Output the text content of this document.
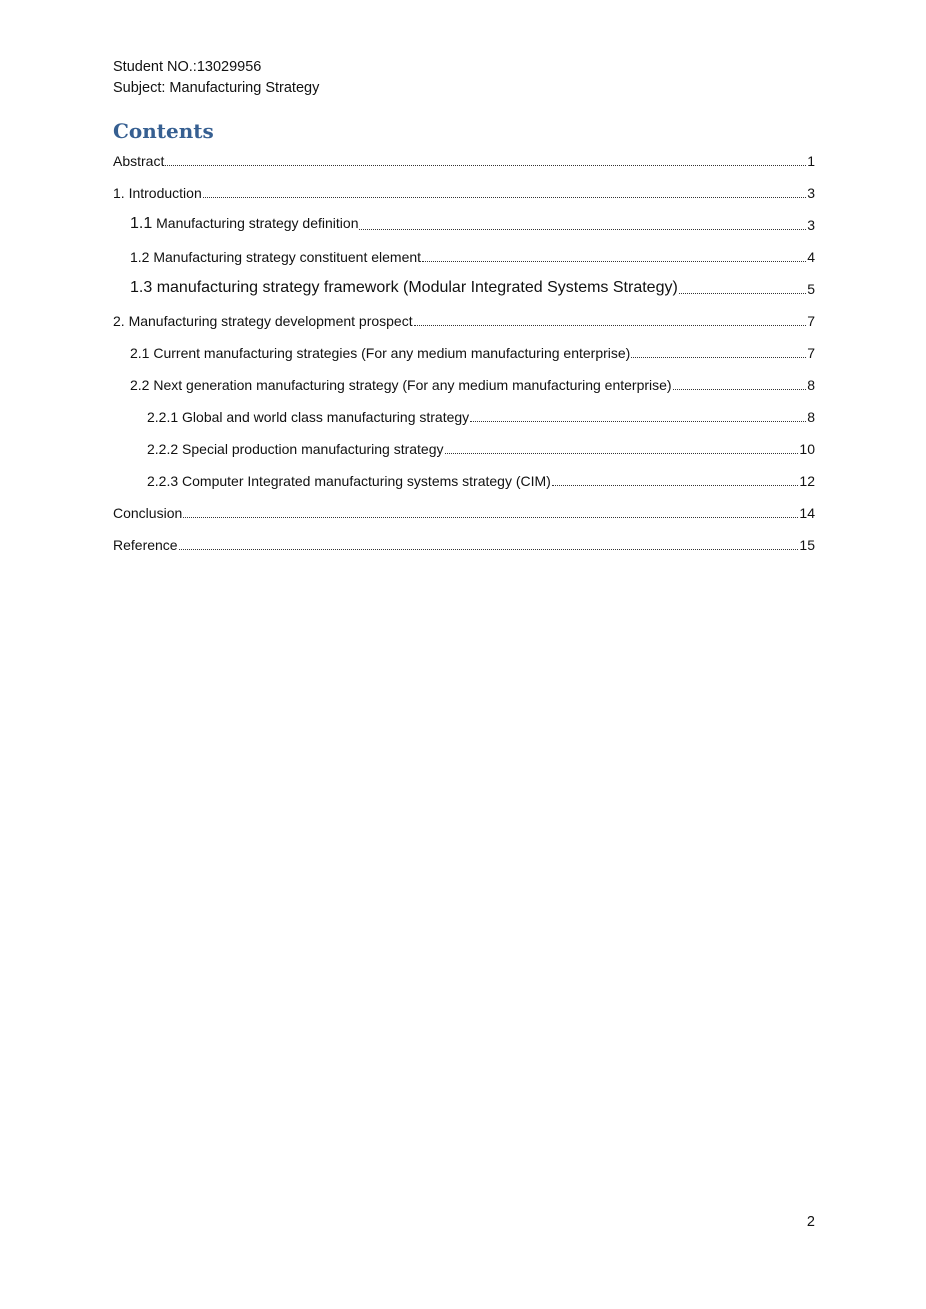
Student NO.:13029956
Subject: Manufacturing Strategy
Contents
Abstract	1
1. Introduction	3
1.1 Manufacturing strategy definition	3
1.2 Manufacturing strategy constituent element	4
1.3 manufacturing strategy framework (Modular Integrated Systems Strategy)	5
2. Manufacturing strategy development prospect	7
2.1 Current manufacturing strategies (For any medium manufacturing enterprise)	7
2.2 Next generation manufacturing strategy (For any medium manufacturing enterprise)	8
2.2.1 Global and world class manufacturing strategy	8
2.2.2 Special production manufacturing strategy	10
2.2.3 Computer Integrated manufacturing systems strategy (CIM)	12
Conclusion	14
Reference	15
2
